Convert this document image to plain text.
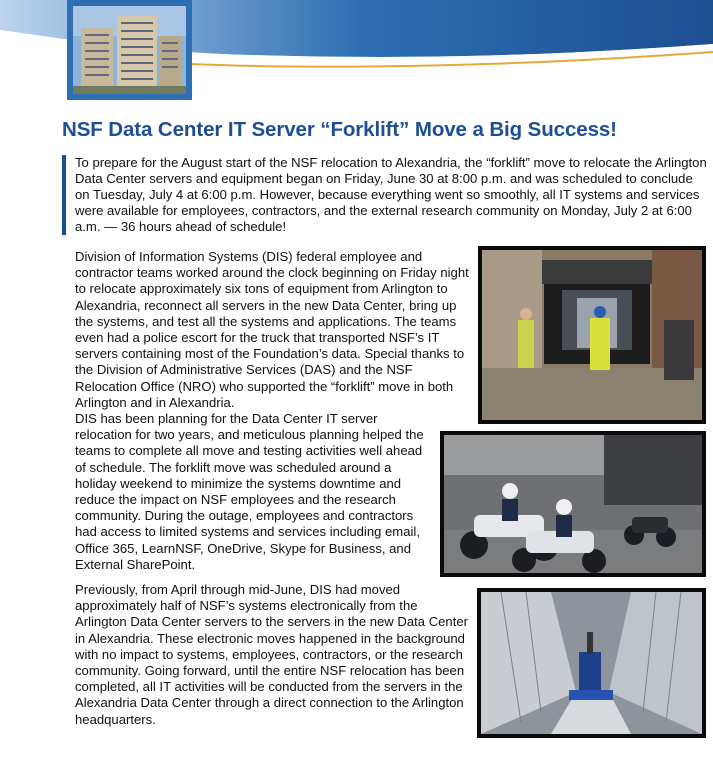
NSF Data Center IT Server “Forklift” Move a Big Success!

To prepare for the August start of the NSF relocation to Alexandria, the “forklift” move to relocate the Arlington Data Center servers and equipment began on Friday, June 30 at 8:00 p.m. and was scheduled to conclude on Tuesday, July 4 at 6:00 p.m. However, because everything went so smoothly, all IT systems and services were available for employees, contractors, and the external research community on Monday, July 2 at 6:00 a.m. — 36 hours ahead of schedule!

Division of Information Systems (DIS) federal employee and contractor teams worked around the clock beginning on Friday night to relocate approximately six tons of equipment from Arlington to Alexandria, reconnect all servers in the new Data Center, bring up the systems, and test all the systems and applications. The teams even had a police escort for the truck that transported NSF’s IT servers containing most of the Foundation’s data. Special thanks to the Division of Administrative Services (DAS) and the NSF Relocation Office (NRO) who supported the “forklift” move in both Arlington and in Alexandria.

DIS has been planning for the Data Center IT server relocation for two years, and meticulous planning helped the teams to complete all move and testing activities well ahead of schedule. The forklift move was scheduled around a holiday weekend to minimize the systems downtime and reduce the impact on NSF employees and the research community. During the outage, employees and contractors had access to limited systems and services including email, Office 365, LearnNSF, OneDrive, Skype for Business, and External SharePoint.

Previously, from April through mid-June, DIS had moved approximately half of NSF’s systems electronically from the Arlington Data Center servers to the servers in the new Data Center in Alexandria. These electronic moves happened in the background with no impact to systems, employees, contractors, or the research community. Going forward, until the entire NSF relocation has been completed, all IT activities will be conducted from the servers in the Alexandria Data Center through a direct connection to the Arlington headquarters.
